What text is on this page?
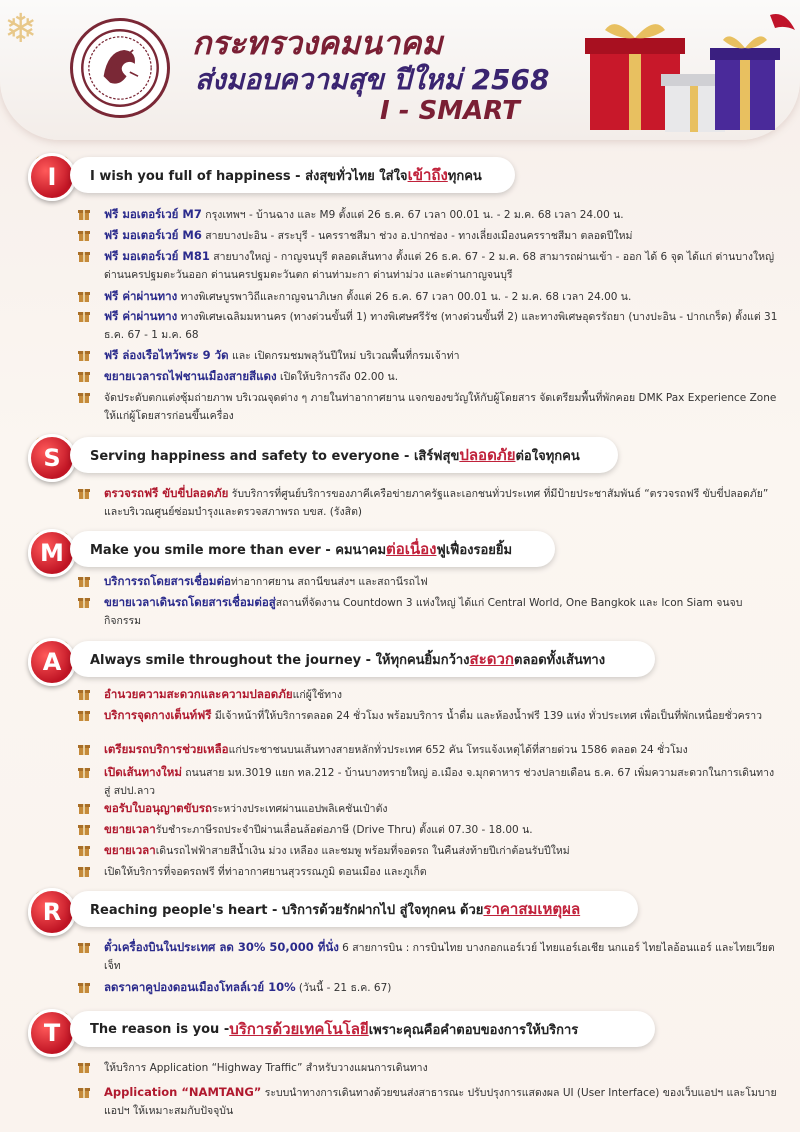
❄	กระทรวงคมนาคม
ส่งมอบความสุข ปีใหม่ 2568
I - SMART
I	I wish you full of happiness - ส่งสุขทั่วไทย ใส่ใจ เข้าถึง ทุกคน
ฟรี มอเตอร์เวย์ M7 กรุงเทพฯ - บ้านฉาง และ M9 ตั้งแต่ 26 ธ.ค. 67 เวลา 00.01 น. - 2 ม.ค. 68 เวลา 24.00 น.
ฟรี มอเตอร์เวย์ M6 สายบางปะอิน - สระบุรี - นครราชสีมา ช่วง อ.ปากช่อง - ทางเลี่ยงเมืองนครราชสีมา ตลอดปีใหม่
ฟรี มอเตอร์เวย์ M81 สายบางใหญ่ - กาญจนบุรี ตลอดเส้นทาง ตั้งแต่ 26 ธ.ค. 67 - 2 ม.ค. 68 สามารถผ่านเข้า - ออก ได้ 6 จุด ได้แก่ ด่านบางใหญ่ ด่านนครปฐมตะวันออก ด่านนครปฐมตะวันตก ด่านท่ามะกา ด่านท่าม่วง และด่านกาญจนบุรี
ฟรี ค่าผ่านทาง ทางพิเศษบูรพาวิถีและกาญจนาภิเษก ตั้งแต่ 26 ธ.ค. 67 เวลา 00.01 น. - 2 ม.ค. 68 เวลา 24.00 น.
ฟรี ค่าผ่านทาง ทางพิเศษเฉลิมมหานคร (ทางด่วนขั้นที่ 1) ทางพิเศษศรีรัช (ทางด่วนขั้นที่ 2) และทางพิเศษอุดรรัถยา (บางปะอิน - ปากเกร็ด) ตั้งแต่ 31 ธ.ค. 67 - 1 ม.ค. 68
ฟรี ล่องเรือไหว้พระ 9 วัด และ เปิดกรมชมพลุวันปีใหม่ บริเวณพื้นที่กรมเจ้าท่า
ขยายเวลารถไฟชานเมืองสายสีแดง เปิดให้บริการถึง 02.00 น.
จัดประดับตกแต่งซุ้มถ่ายภาพ บริเวณจุดต่าง ๆ ภายในท่าอากาศยาน แจกของขวัญให้กับผู้โดยสาร จัดเตรียมพื้นที่พักคอย DMK Pax Experience Zone ให้แก่ผู้โดยสารก่อนขึ้นเครื่อง
S	Serving happiness and safety to everyone - เสิร์ฟสุข ปลอดภัย ต่อใจทุกคน
ตรวจรถฟรี ขับขี่ปลอดภัย รับบริการที่ศูนย์บริการของภาคีเครือข่ายภาครัฐและเอกชนทั่วประเทศ ที่มีป้ายประชาสัมพันธ์ “ตรวจรถฟรี ขับขี่ปลอดภัย” และบริเวณศูนย์ซ่อมบำรุงและตรวจสภาพรถ บขส. (รังสิต)
M	Make you smile more than ever - คมนาคม ต่อเนื่อง ฟูเฟื่องรอยยิ้ม
บริการรถโดยสารเชื่อมต่อท่าอากาศยาน สถานีขนส่งฯ และสถานีรถไฟ
ขยายเวลาเดินรถโดยสารเชื่อมต่อสู่สถานที่จัดงาน Countdown 3 แห่งใหญ่ ได้แก่ Central World, One Bangkok และ Icon Siam จนจบกิจกรรม
A	Always smile throughout the journey - ให้ทุกคนยิ้มกว้าง สะดวก ตลอดทั้งเส้นทาง
อำนวยความสะดวกและความปลอดภัยแก่ผู้ใช้ทาง
บริการจุดกางเต็นท์ฟรี มีเจ้าหน้าที่ให้บริการตลอด 24 ชั่วโมง พร้อมบริการ น้ำดื่ม และห้องน้ำฟรี 139 แห่ง ทั่วประเทศ เพื่อเป็นที่พักเหนื่อยชั่วคราว
เตรียมรถบริการช่วยเหลือแก่ประชาชนบนเส้นทางสายหลักทั่วประเทศ 652 คัน โทรแจ้งเหตุได้ที่สายด่วน 1586 ตลอด 24 ชั่วโมง
เปิดเส้นทางใหม่ ถนนสาย มห.3019 แยก ทล.212 - บ้านบางทรายใหญ่ อ.เมือง จ.มุกดาหาร ช่วงปลายเดือน ธ.ค. 67 เพิ่มความสะดวกในการเดินทางสู่ สปป.ลาว
ขอรับใบอนุญาตขับรถระหว่างประเทศผ่านแอปพลิเคชันเป๋าตัง
ขยายเวลารับชำระภาษีรถประจำปีผ่านเลื่อนล้อต่อภาษี (Drive Thru) ตั้งแต่ 07.30 - 18.00 น.
ขยายเวลาเดินรถไฟฟ้าสายสีน้ำเงิน ม่วง เหลือง และชมพู พร้อมที่จอดรถ ในคืนส่งท้ายปีเก่าต้อนรับปีใหม่
เปิดให้บริการที่จอดรถฟรี ที่ท่าอากาศยานสุวรรณภูมิ ดอนเมือง และภูเก็ต
R	Reaching people's heart - บริการด้วยรักฝากไป สู่ใจทุกคน ด้วย ราคาสมเหตุผล
ตั๋วเครื่องบินในประเทศ ลด 30% 50,000 ที่นั่ง 6 สายการบิน : การบินไทย บางกอกแอร์เวย์ ไทยแอร์เอเชีย นกแอร์ ไทยไลอ้อนแอร์ และไทยเวียตเจ็ท
ลดราคาคูปองดอนเมืองโทลล์เวย์ 10% (วันนี้ - 21 ธ.ค. 67)
T	The reason is you - บริการด้วยเทคโนโลยี เพราะคุณคือคำตอบของการให้บริการ
ให้บริการ Application “Highway Traffic” สำหรับวางแผนการเดินทาง
Application “NAMTANG” ระบบนำทางการเดินทางด้วยขนส่งสาธารณะ ปรับปรุงการแสดงผล UI (User Interface) ของเว็บแอปฯ และโมบายแอปฯ ให้เหมาะสมกับปัจจุบัน
